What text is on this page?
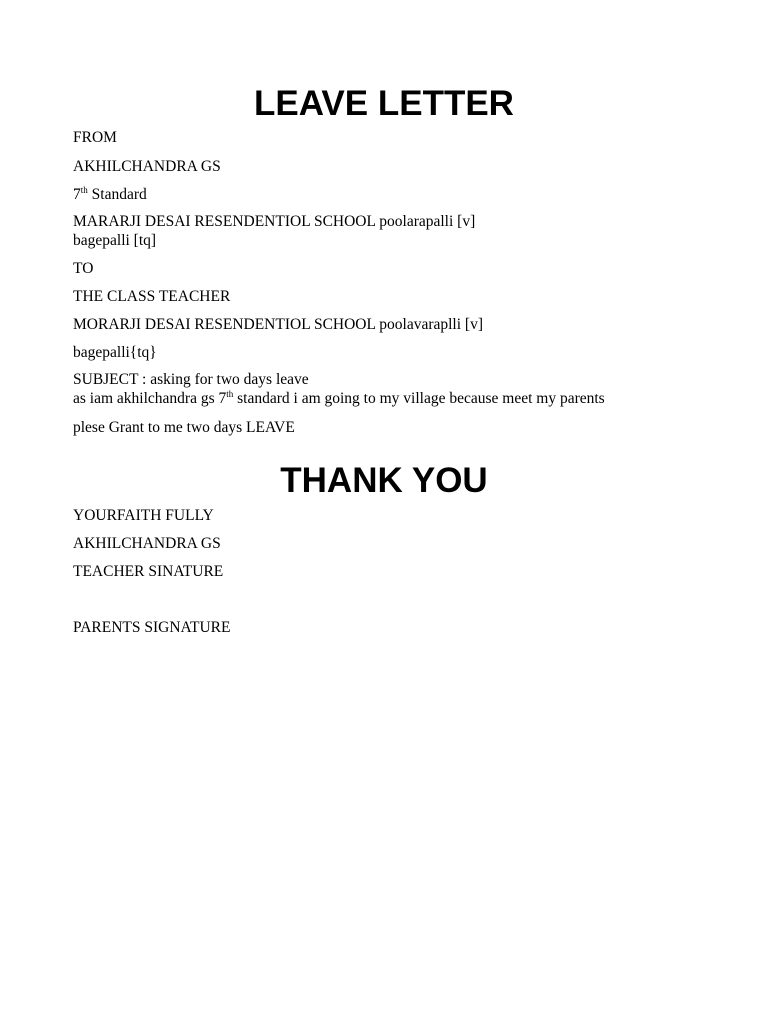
LEAVE LETTER

FROM

AKHILCHANDRA GS

7th Standard

MARARJI DESAI RESENDENTIOL SCHOOL poolarapalli [v]

bagepalli [tq]

TO

THE CLASS TEACHER

MORARJI DESAI RESENDENTIOL SCHOOL poolavaraplli [v]

bagepalli{tq}

SUBJECT : asking for two days leave

as iam akhilchandra gs 7th standard i am going to my village because meet my parents

plese Grant to me two days LEAVE

THANK YOU

YOURFAITH FULLY

AKHILCHANDRA GS

TEACHER SINATURE

PARENTS SIGNATURE
